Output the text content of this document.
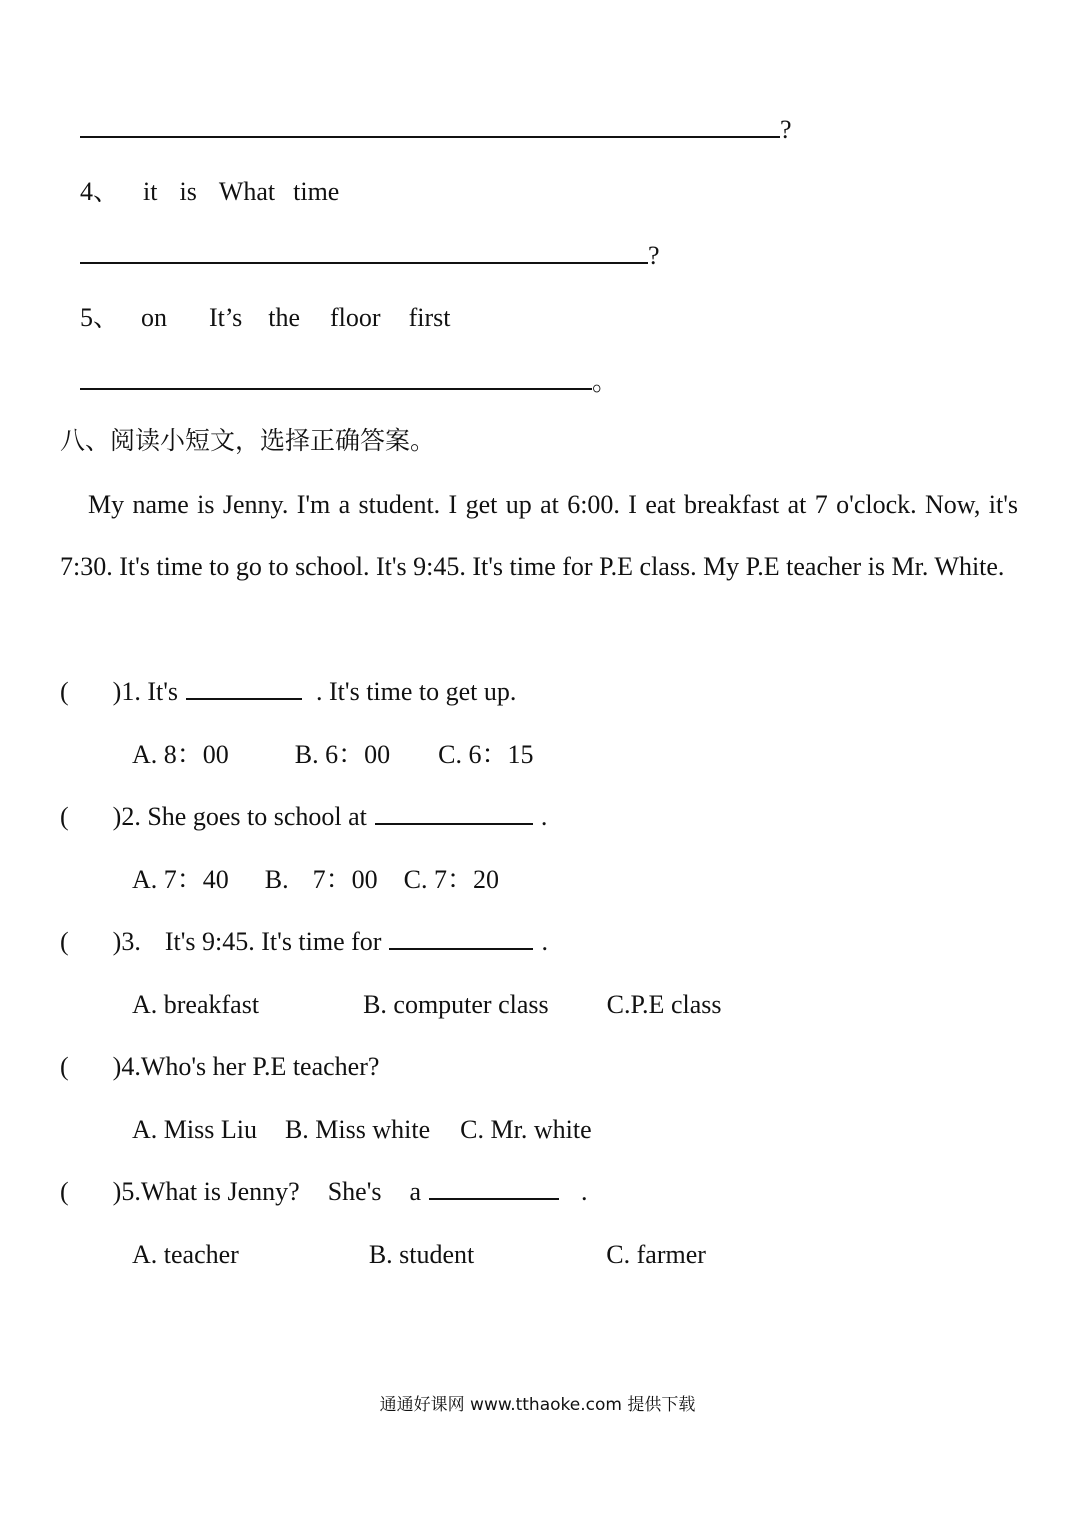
?
4、 it is What time
?
5、 on It’s the floor first
。
八、阅读小短文，选择正确答案。
My name is Jenny. I'm a student. I get up at 6:00. I eat breakfast at 7 o'clock. Now, it's 7:30. It's time to go to school. It's 9:45. It's time for P.E class. My P.E teacher is Mr. White.
( )1. It's	. It's time to get up.
A. 8：00	B. 6：00 C. 6：15
( )2. She goes to school at	.
A. 7：40 B. 7：00 C. 7：20
( )3. It's 9:45. It's time for	.
A. breakfast	B. computer class C.P.E class
( )4.Who's her P.E teacher?
A. Miss Liu B. Miss white C. Mr. white
( )5.What is Jenny? She's a	.
A. teacher	B. student	C. farmer
通通好课网 www.tthaoke.com 提供下载
